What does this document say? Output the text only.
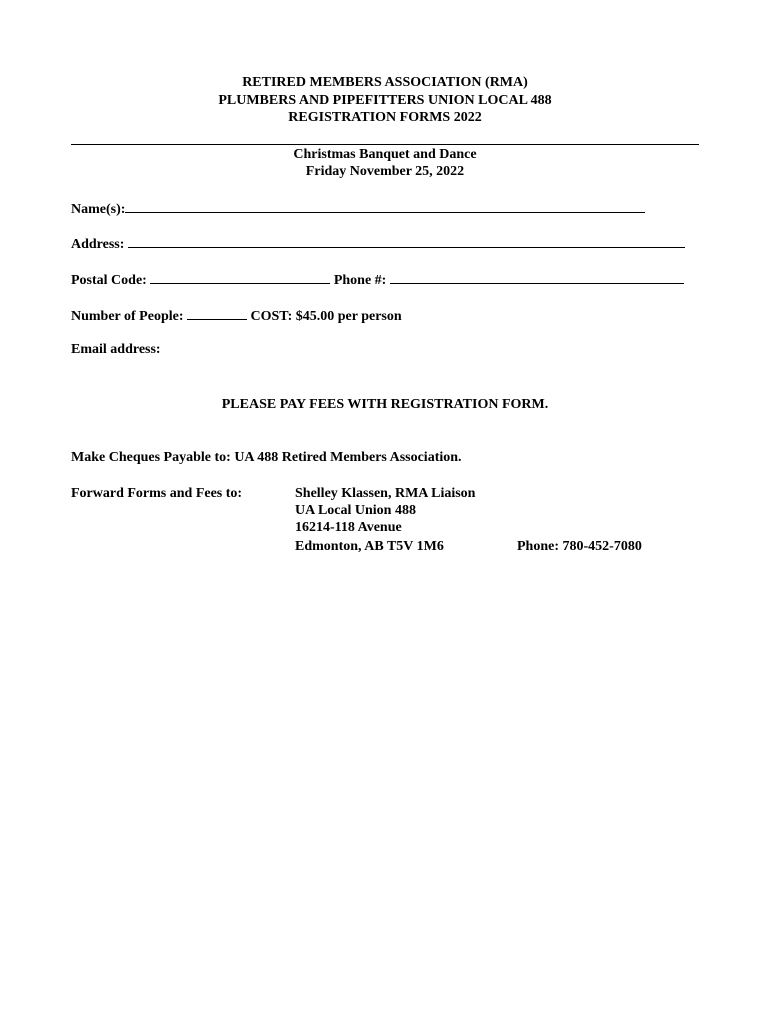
RETIRED MEMBERS ASSOCIATION (RMA)
PLUMBERS AND PIPEFITTERS UNION LOCAL 488
REGISTRATION FORMS 2022
Christmas Banquet and Dance
Friday November 25, 2022
Name(s):
Address:
Postal Code:	Phone #:
Number of People:	COST: $45.00 per person
Email address:
PLEASE PAY FEES WITH REGISTRATION FORM.
Make Cheques Payable to: UA 488 Retired Members Association.
Forward Forms and Fees to:	Shelley Klassen, RMA Liaison
UA Local Union 488
16214-118 Avenue
Edmonton, AB T5V 1M6	Phone: 780-452-7080
